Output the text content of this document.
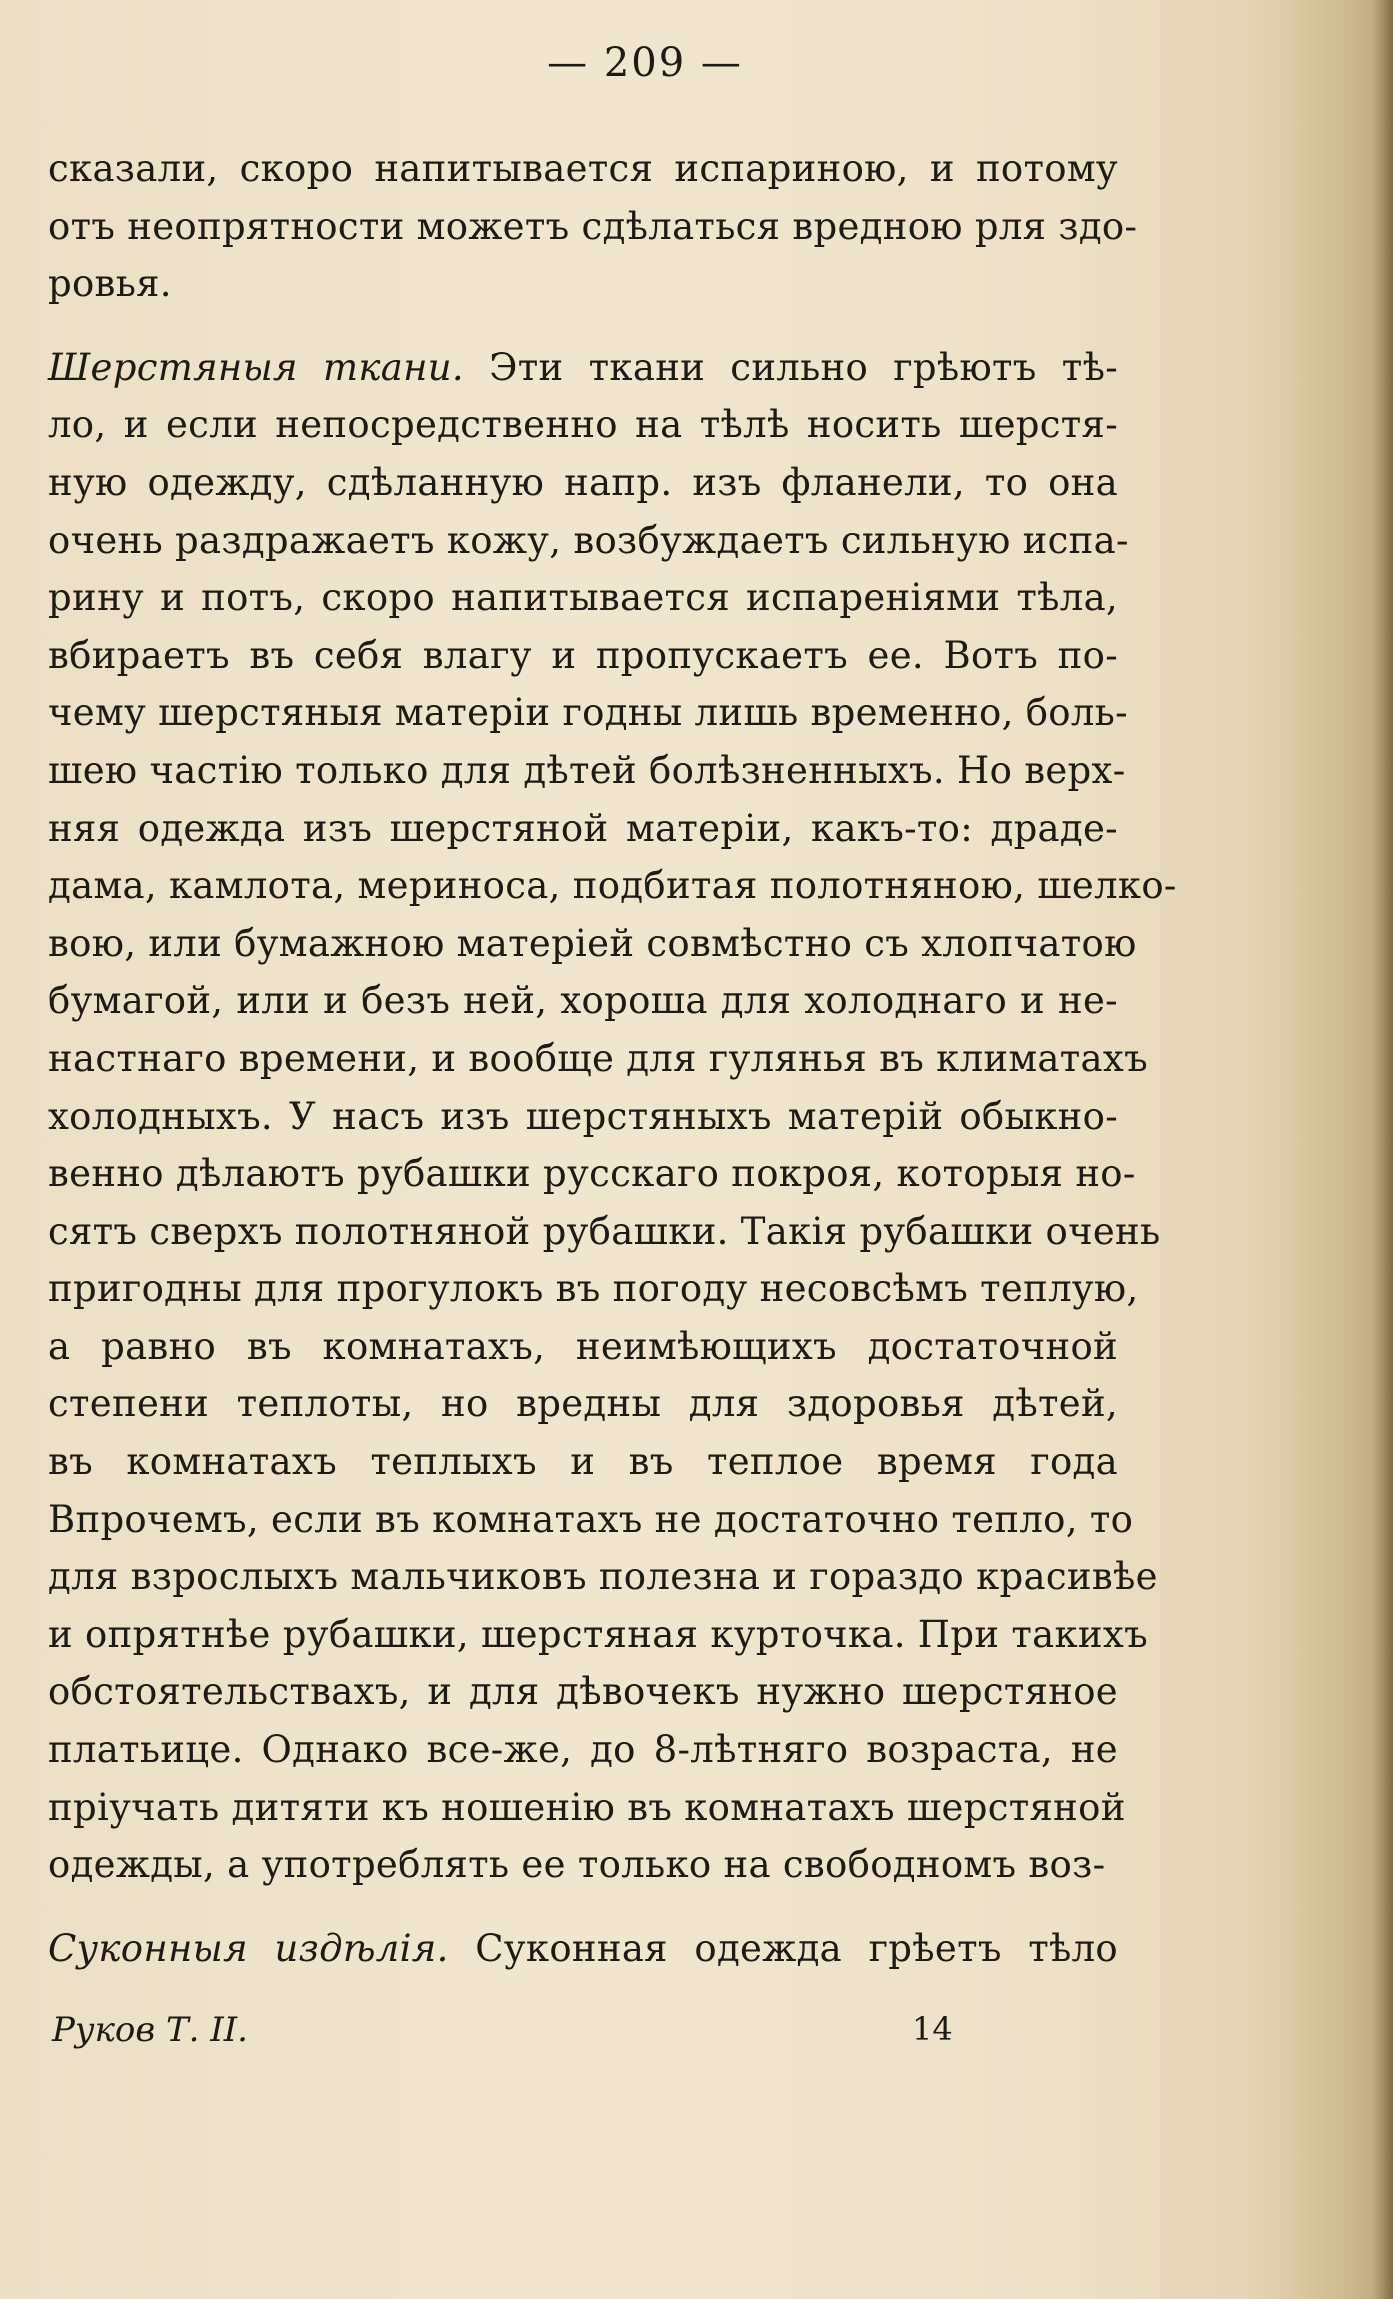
— 209 —
сказали, скоро напитывается испариною, и потому
отъ неопрятности можетъ сдѣлаться вредною рля здо-
ровья.
Шерстяныя ткани. Эти ткани сильно грѣютъ тѣ-
ло, и если непосредственно на тѣлѣ носить шерстя-
ную одежду, сдѣланную напр. изъ фланели, то она
очень раздражаетъ кожу, возбуждаетъ сильную испа-
рину и потъ, скоро напитывается испареніями тѣла,
вбираетъ въ себя влагу и пропускаетъ ее. Вотъ по-
чему шерстяныя матеріи годны лишь временно, боль-
шею частію только для дѣтей болѣзненныхъ. Но верх-
няя одежда изъ шерстяной матеріи, какъ-то: драде-
дама, камлота, мериноса, подбитая полотняною, шелко-
вою, или бумажною матеріей совмѣстно съ хлопчатою
бумагой, или и безъ ней, хороша для холоднаго и не-
настнаго времени, и вообще для гулянья въ климатахъ
холодныхъ. У насъ изъ шерстяныхъ матерій обыкно-
венно дѣлаютъ рубашки русскаго покроя, которыя но-
сятъ сверхъ полотняной рубашки. Такія рубашки очень
пригодны для прогулокъ въ погоду несовсѣмъ теплую,
а равно въ комнатахъ, неимѣющихъ достаточной
степени теплоты, но вредны для здоровья дѣтей,
въ комнатахъ теплыхъ и въ теплое время года
Впрочемъ, если въ комнатахъ не достаточно тепло, то
для взрослыхъ мальчиковъ полезна и гораздо красивѣе
и опрятнѣе рубашки, шерстяная курточка. При такихъ
обстоятельствахъ, и для дѣвочекъ нужно шерстяное
платьице. Однако все-же, до 8-лѣтняго возраста, не
пріучать дитяти къ ношенію въ комнатахъ шерстяной
одежды, а употреблять ее только на свободномъ воз-
Суконныя издѣлія. Суконная одежда грѣетъ тѣло
Руков Т. II.	14
